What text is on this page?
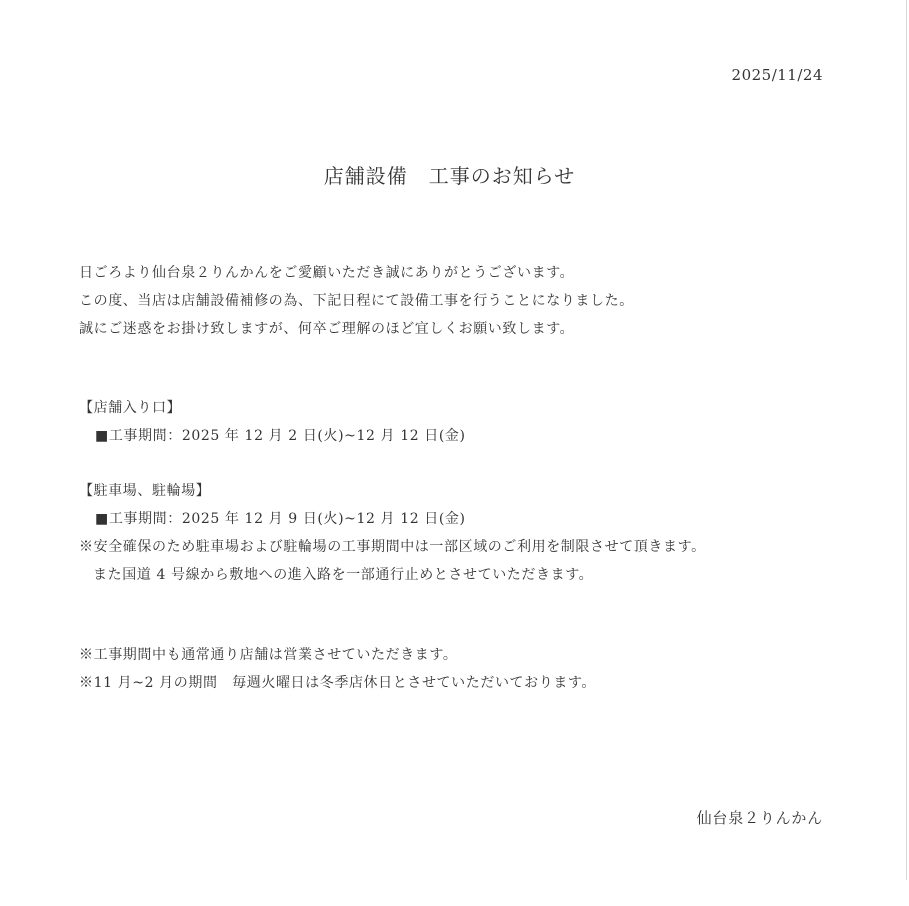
2025/11/24
店舗設備　工事のお知らせ

日ごろより仙台泉２りんかんをご愛顧いただき誠にありがとうございます。

この度、当店は店舗設備補修の為、下記日程にて設備工事を行うことになりました。

誠にご迷惑をお掛け致しますが、何卒ご理解のほど宜しくお願い致します。

【店舗入り口】

■工事期間：2025 年 12 月 2 日(火)~12 月 12 日(金)

【駐車場、駐輪場】

■工事期間：2025 年 12 月 9 日(火)~12 月 12 日(金)

※安全確保のため駐車場および駐輪場の工事期間中は一部区域のご利用を制限させて頂きます。

また国道 4 号線から敷地への進入路を一部通行止めとさせていただきます。

※工事期間中も通常通り店舗は営業させていただきます。

※11 月~2 月の期間　毎週火曜日は冬季店休日とさせていただいております。

仙台泉２りんかん
